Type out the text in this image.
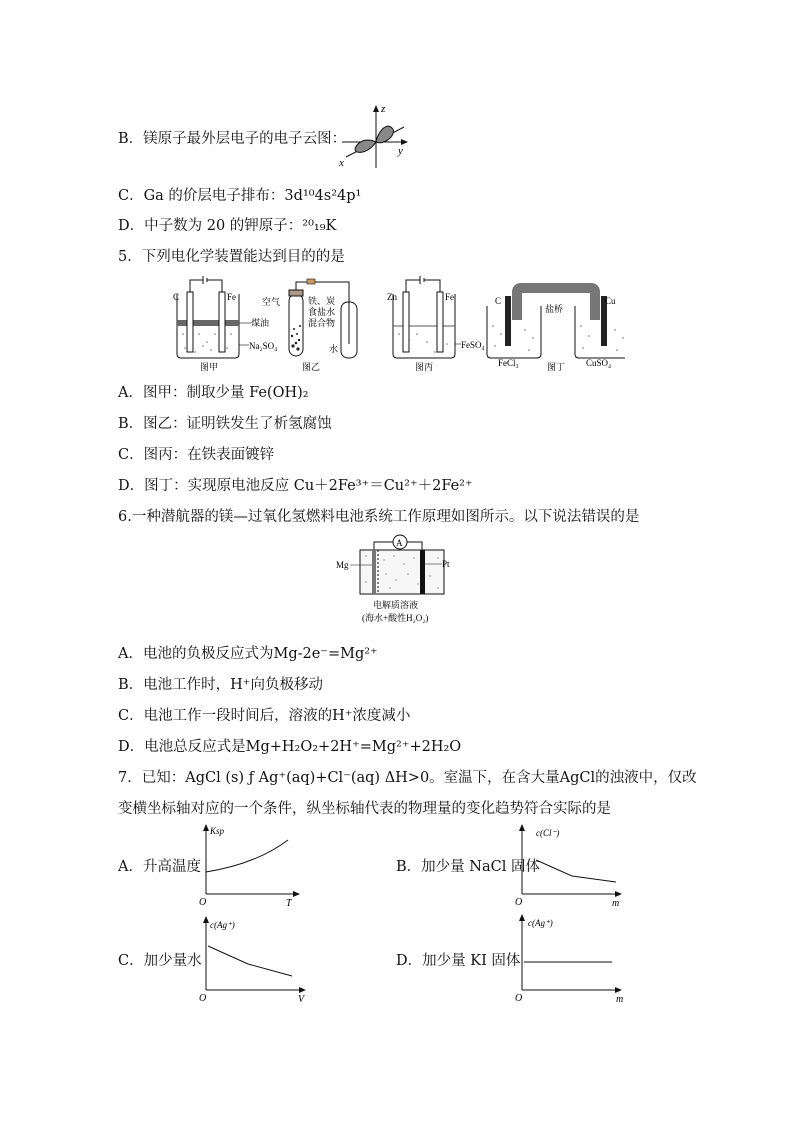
B．镁原子最外层电子的电子云图：
z
y
x
C．Ga 的价层电子排布：3d¹⁰4s²4p¹
D．中子数为 20 的钾原子：²⁰₁₉K
5．下列电化学装置能达到目的的是
C	Fe
煤油
Na₂SO₄
图甲
空气	铁、炭
食盐水
混合物
水
图乙
Zn	Fe
FeSO₄
图丙
C	Cu
盐桥
FeCl₃	CuSO₄
图丁
A．图甲：制取少量 Fe(OH)₂
B．图乙：证明铁发生了析氢腐蚀
C．图丙：在铁表面镀锌
D．图丁：实现原电池反应 Cu＋2Fe³⁺＝Cu²⁺＋2Fe²⁺
6.一种潜航器的镁—过氧化氢燃料电池系统工作原理如图所示。以下说法错误的是
A
Mg	Pt
电解质溶液
(海水+酸性H₂O₂)
A．电池的负极反应式为Mg-2e⁻=Mg²⁺
B．电池工作时，H⁺向负极移动
C．电池工作一段时间后，溶液的H⁺浓度减小
D．电池总反应式是Mg+H₂O₂+2H⁺=Mg²⁺+2H₂O
7．已知：AgCl (s) ƒ Ag⁺(aq)+Cl⁻(aq) ΔH>0。室温下，在含大量AgCl的浊液中，仅改
变横坐标轴对应的一个条件，纵坐标轴代表的物理量的变化趋势符合实际的是
A．升高温度
Ksp
O	T
B．加少量 NaCl 固体
c(Cl⁻)
O	m
C．加少量水
c(Ag⁺)
O	V
D．加少量 KI 固体
c(Ag⁺)
O	m
